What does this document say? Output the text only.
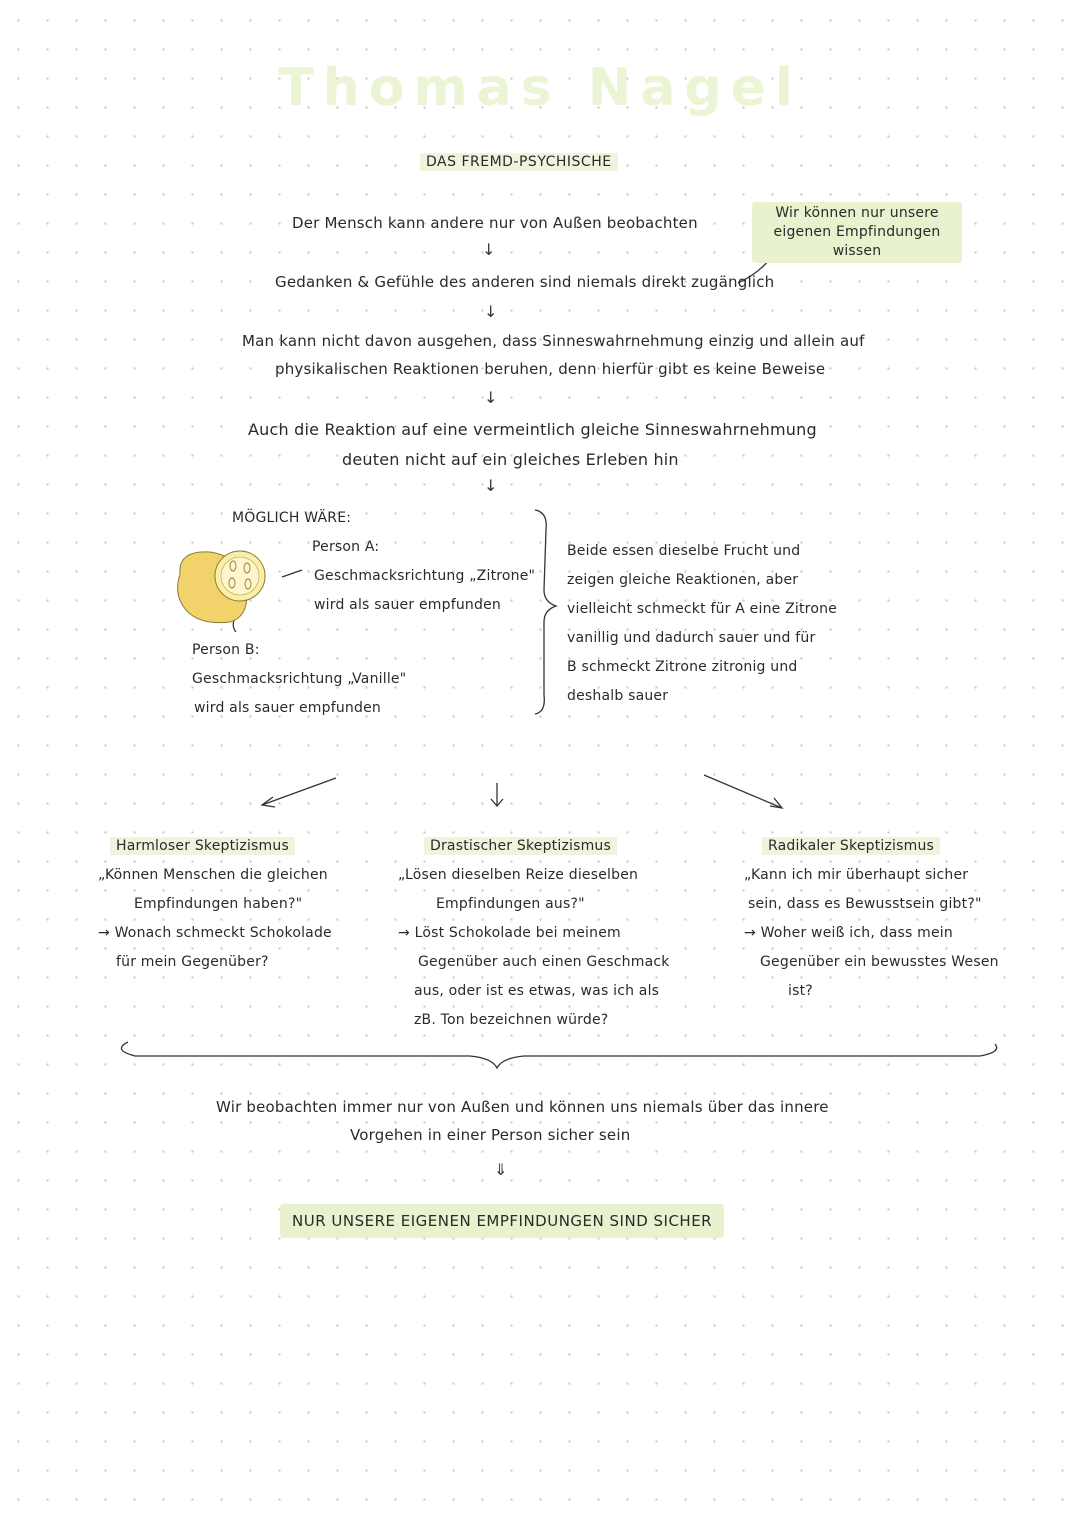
Thomas Nagel
DAS FREMD-PSYCHISCHE
Der Mensch kann andere nur von Außen beobachten
Wir können nur unsere
eigenen Empfindungen wissen
↓
Gedanken & Gefühle des anderen sind niemals direkt zugänglich
↓
Man kann nicht davon ausgehen, dass Sinneswahrnehmung einzig und allein auf
physikalischen Reaktionen beruhen, denn hierfür gibt es keine Beweise
↓
Auch die Reaktion auf eine vermeintlich gleiche Sinneswahrnehmung
deuten nicht auf ein gleiches Erleben hin
↓
MÖGLICH WÄRE:
Person A:
Geschmacksrichtung „Zitrone"
wird als sauer empfunden
Person B:
Geschmacksrichtung „Vanille"
wird als sauer empfunden
Beide essen dieselbe Frucht und
zeigen gleiche Reaktionen, aber
vielleicht schmeckt für A eine Zitrone
vanillig und dadurch sauer und für
B schmeckt Zitrone zitronig und
deshalb sauer
Harmloser Skeptizismus
„Können Menschen die gleichen
Empfindungen haben?"
→ Wonach schmeckt Schokolade
für mein Gegenüber?
Drastischer Skeptizismus
„Lösen dieselben Reize dieselben
Empfindungen aus?"
→ Löst Schokolade bei meinem
Gegenüber auch einen Geschmack
aus, oder ist es etwas, was ich als
zB. Ton bezeichnen würde?
Radikaler Skeptizismus
„Kann ich mir überhaupt sicher
sein, dass es Bewusstsein gibt?"
→ Woher weiß ich, dass mein
Gegenüber ein bewusstes Wesen
ist?
Wir beobachten immer nur von Außen und können uns niemals über das innere
Vorgehen in einer Person sicher sein
⇓
NUR UNSERE EIGENEN EMPFINDUNGEN SIND SICHER
